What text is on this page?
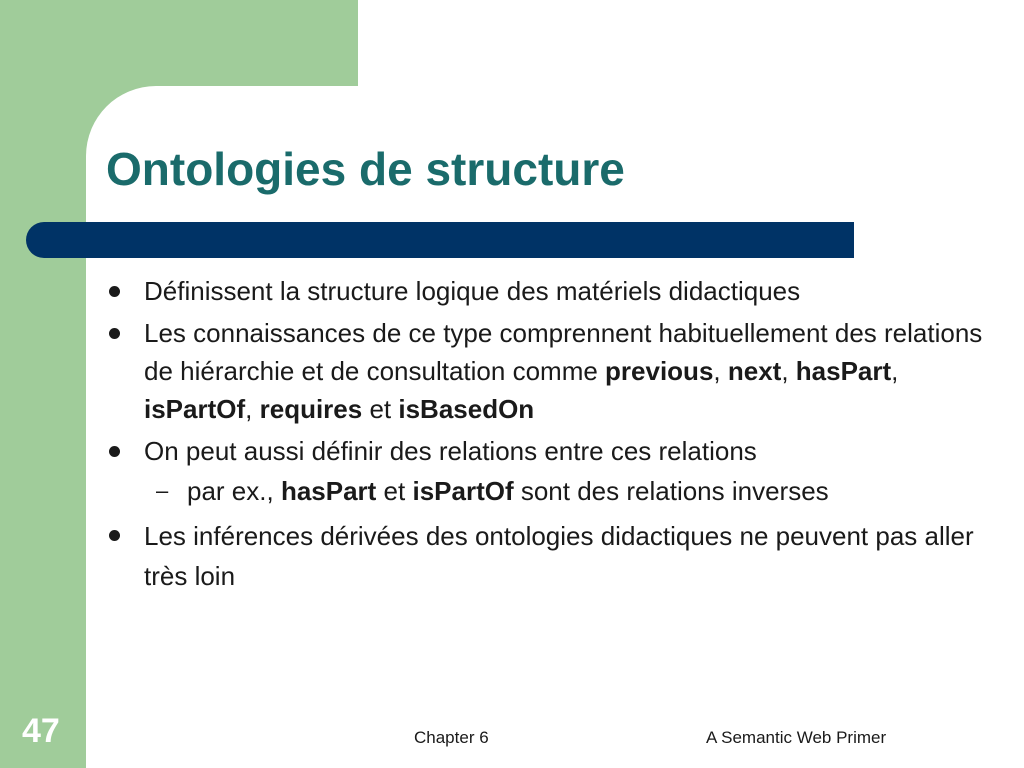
Ontologies de structure
Définissent la structure logique des matériels didactiques
Les connaissances de ce type comprennent habituellement des relations de hiérarchie et de consultation comme previous, next, hasPart, isPartOf, requires et isBasedOn
On peut aussi définir des relations entre ces relations
– par ex., hasPart et isPartOf sont des relations inverses
Les inférences dérivées des ontologies didactiques ne peuvent pas aller très loin
47	Chapter 6	A Semantic Web Primer
